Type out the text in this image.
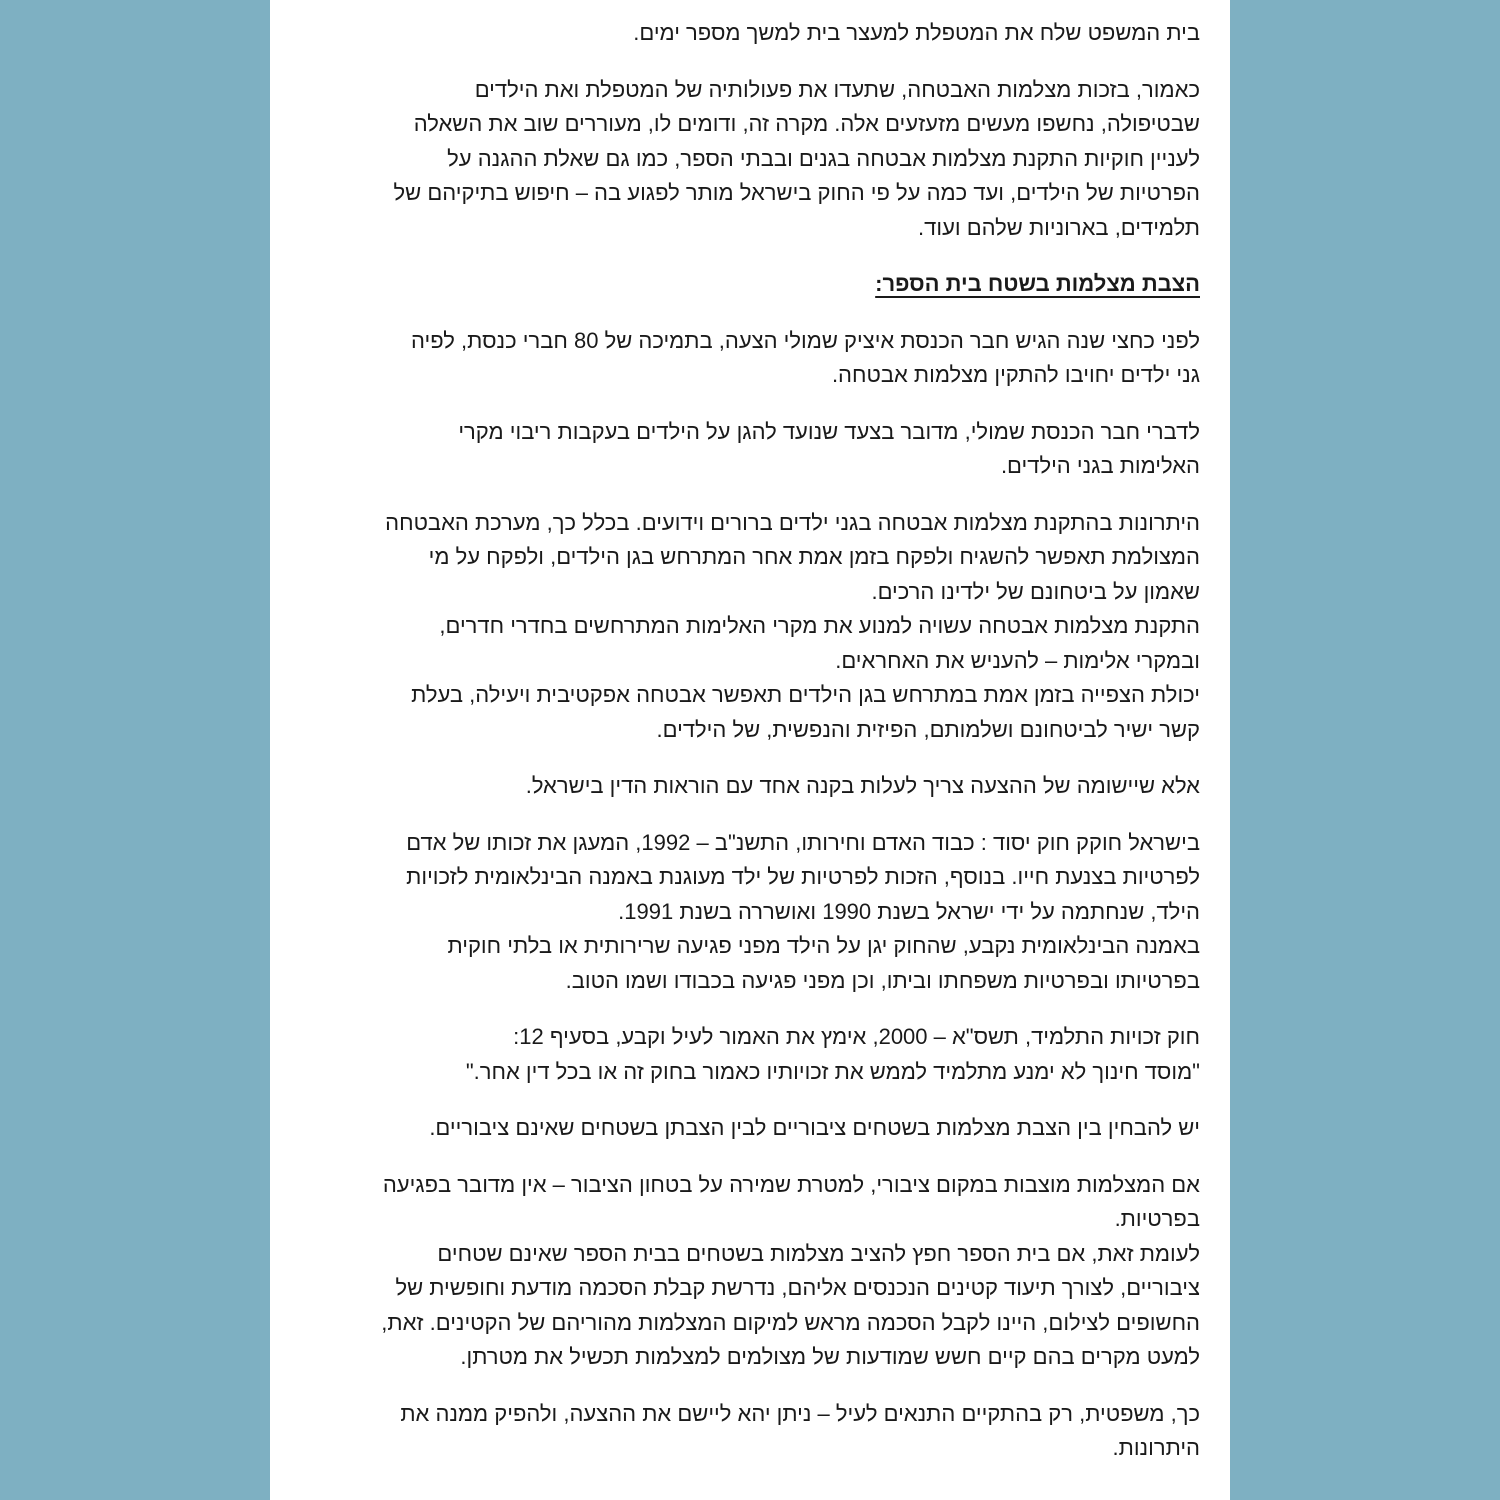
בית המשפט שלח את המטפלת למעצר בית למשך מספר ימים.
כאמור, בזכות מצלמות האבטחה, שתעדו את פעולותיה של המטפלת ואת הילדים
שבטיפולה, נחשפו מעשים מזעזעים אלה. מקרה זה, ודומים לו, מעוררים שוב את השאלה
לעניין חוקיות התקנת מצלמות אבטחה בגנים ובבתי הספר, כמו גם שאלת ההגנה על
הפרטיות של הילדים, ועד כמה על פי החוק בישראל מותר לפגוע בה – חיפוש בתיקיהם של
תלמידים, בארוניות שלהם ועוד.
הצבת מצלמות בשטח בית הספר:
לפני כחצי שנה הגיש חבר הכנסת איציק שמולי הצעה, בתמיכה של 80 חברי כנסת, לפיה
גני ילדים יחויבו להתקין מצלמות אבטחה.
לדברי חבר הכנסת שמולי, מדובר בצעד שנועד להגן על הילדים בעקבות ריבוי מקרי
האלימות בגני הילדים.
היתרונות בהתקנת מצלמות אבטחה בגני ילדים ברורים וידועים. בכלל כך, מערכת האבטחה
המצולמת תאפשר להשגיח ולפקח בזמן אמת אחר המתרחש בגן הילדים, ולפקח על מי
שאמון על ביטחונם של ילדינו הרכים.
התקנת מצלמות אבטחה עשויה למנוע את מקרי האלימות המתרחשים בחדרי חדרים,
ובמקרי אלימות – להעניש את האחראים.
יכולת הצפייה בזמן אמת במתרחש בגן הילדים תאפשר אבטחה אפקטיבית ויעילה, בעלת
קשר ישיר לביטחונם ושלמותם, הפיזית והנפשית, של הילדים.
אלא שיישומה של ההצעה צריך לעלות בקנה אחד עם הוראות הדין בישראל.
בישראל חוקק חוק יסוד : כבוד האדם וחירותו, התשנ"ב – 1992, המעגן את זכותו של אדם
לפרטיות בצנעת חייו. בנוסף, הזכות לפרטיות של ילד מעוגנת באמנה הבינלאומית לזכויות
הילד, שנחתמה על ידי ישראל בשנת 1990 ואושררה בשנת 1991.
באמנה הבינלאומית נקבע, שהחוק יגן על הילד מפני פגיעה שרירותית או בלתי חוקית
בפרטיותו ובפרטיות משפחתו וביתו, וכן מפני פגיעה בכבודו ושמו הטוב.
חוק זכויות התלמיד, תשס"א – 2000, אימץ את האמור לעיל וקבע, בסעיף 12:
"מוסד חינוך לא ימנע מתלמיד לממש את זכויותיו כאמור בחוק זה או בכל דין אחר."
יש להבחין בין הצבת מצלמות בשטחים ציבוריים לבין הצבתן בשטחים שאינם ציבוריים.
אם המצלמות מוצבות במקום ציבורי, למטרת שמירה על בטחון הציבור – אין מדובר בפגיעה
בפרטיות.
לעומת זאת, אם בית הספר חפץ להציב מצלמות בשטחים בבית הספר שאינם שטחים
ציבוריים, לצורך תיעוד קטינים הנכנסים אליהם, נדרשת קבלת הסכמה מודעת וחופשית של
החשופים לצילום, היינו לקבל הסכמה מראש למיקום המצלמות מהוריהם של הקטינים. זאת,
למעט מקרים בהם קיים חשש שמודעות של מצולמים למצלמות תכשיל את מטרתן.
כך, משפטית, רק בהתקיים התנאים לעיל – ניתן יהא ליישם את ההצעה, ולהפיק ממנה את
היתרונות.
